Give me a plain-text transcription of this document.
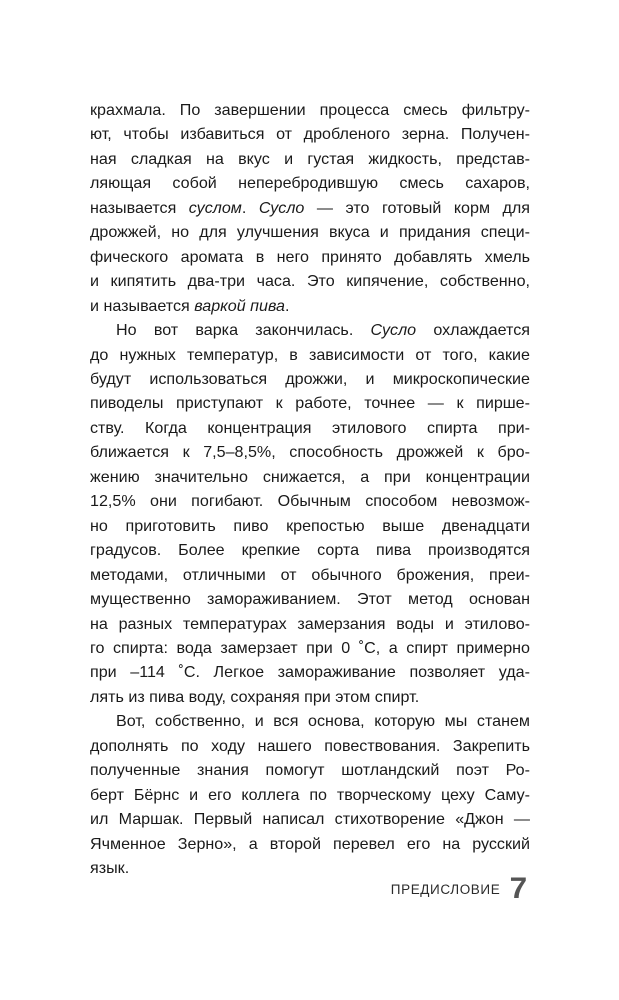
крахмала. По завершении процесса смесь фильтру-
ют, чтобы избавиться от дробленого зерна. Получен-
ная сладкая на вкус и густая жидкость, представ-
ляющая собой неперебродившую смесь сахаров,
называется суслом. Сусло — это готовый корм для
дрожжей, но для улучшения вкуса и придания специ-
фического аромата в него принято добавлять хмель
и кипятить два-три часа. Это кипячение, собственно,
и называется варкой пива.
Но вот варка закончилась. Сусло охлаждается
до нужных температур, в зависимости от того, какие
будут использоваться дрожжи, и микроскопические
пиводелы приступают к работе, точнее — к пирше-
ству. Когда концентрация этилового спирта при-
ближается к 7,5–8,5%, способность дрожжей к бро-
жению значительно снижается, а при концентрации
12,5% они погибают. Обычным способом невозмож-
но приготовить пиво крепостью выше двенадцати
градусов. Более крепкие сорта пива производятся
методами, отличными от обычного брожения, преи-
мущественно замораживанием. Этот метод основан
на разных температурах замерзания воды и этилово-
го спирта: вода замерзает при 0 ˚С, а спирт примерно
при –114 ˚С. Легкое замораживание позволяет уда-
лять из пива воду, сохраняя при этом спирт.
Вот, собственно, и вся основа, которую мы станем
дополнять по ходу нашего повествования. Закрепить
полученные знания помогут шотландский поэт Ро-
берт Бёрнс и его коллега по творческому цеху Саму-
ил Маршак. Первый написал стихотворение «Джон —
Ячменное Зерно», а второй перевел его на русский
язык.
ПРЕДИСЛОВИЕ 7
